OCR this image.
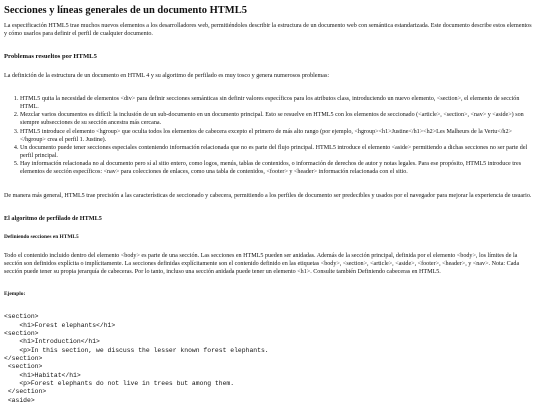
Secciones y líneas generales de un documento HTML5

La especificación HTML5 trae muchos nuevos elementos a los desarrolladores web, permitiéndoles describir la estructura de un documento web con semántica estandarizada. Este documento describe estos elementos y cómo usarlos para definir el perfil de cualquier documento.

Problemas resueltos por HTML5

La definición de la estructura de un documento en HTML 4 y su algoritmo de perfilado es muy tosco y genera numerosos problemas:

1. HTML5 quita la necesidad de elementos <div> para definir secciones semánticas sin definir valores específicos para los atributos class, introduciendo un nuevo elemento, <section>, el elemento de sección HTML.
2. Mezclar varios documentos es difícil: la inclusión de un sub-documento en un documento principal. Esto se resuelve en HTML5 con los elementos de seccionado (<article>, <section>, <nav> y <aside>) son siempre subsecciones de su sección ancestra más cercana.
3. HTML5 introduce el elemento <hgroup> que oculta todos los elementos de cabecera excepto el primero de más alto rango (por ejemplo, <hgroup><h1>Justine</h1><h2>Les Malheurs de la Vertu</h2></hgroup> crea el perfil 1. Justine).
4. Un documento puede tener secciones especiales conteniendo información relacionada que no es parte del flujo principal. HTML5 introduce el elemento <aside> permitiendo a dichas secciones no ser parte del perfil principal.
5. Hay información relacionada no al documento pero sí al sitio entero, como logos, menús, tablas de contenidos, o información de derechos de autor y notas legales. Para ese propósito, HTML5 introduce tres elementos de sección específicos: <nav> para colecciones de enlaces, como una tabla de contenidos, <footer> y <header> información relacionada con el sitio.

De manera más general, HTML5 trae precisión a las características de seccionado y cabecera, permitiendo a los perfiles de documento ser predecibles y usados por el navegador para mejorar la experiencia de usuario.

El algoritmo de perfilado de HTML5
Definiendo secciones en HTML5

Todo el contenido incluido dentro del elemento <body> es parte de una sección. Las secciones en HTML5 pueden ser anidadas. Además de la sección principal, definida por el elemento <body>, los límites de la sección son definidos explícita o implícitamente. La secciones definidas explícitamente son el contenido definido en las etiquetas <body>, <section>, <article>, <aside>, <footer>, <header>, y <nav>. Nota: Cada sección puede tener su propia jerarquía de cabeceras. Por lo tanto, incluso una sección anidada puede tener un elemento <h1>. Consulte también Definiendo cabeceras en HTML5.

Ejemplo:
<section>
<h1>Forest elephants</h1>
<section>
<h1>Introduction</h1>
<p>In this section, we discuss the lesser known forest elephants.
</section>
<section>
<h1>Habitat</h1>
<p>Forest elephants do not live in trees but among them.
</section>
<aside>
